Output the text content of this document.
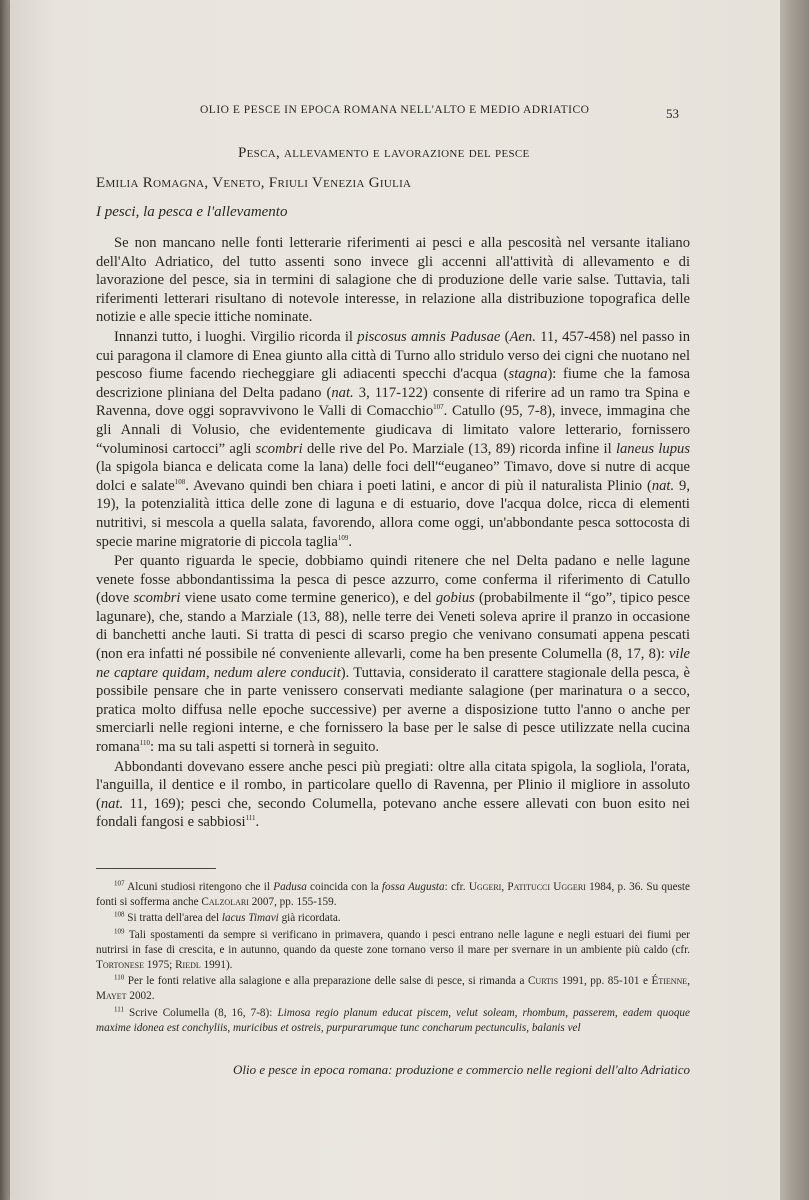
OLIO E PESCE IN EPOCA ROMANA NELL'ALTO E MEDIO ADRIATICO	53
Pesca, allevamento e lavorazione del pesce
Emilia Romagna, Veneto, Friuli Venezia Giulia
I pesci, la pesca e l'allevamento

Se non mancano nelle fonti letterarie riferimenti ai pesci e alla pescosità nel versante italiano dell'Alto Adriatico, del tutto assenti sono invece gli accenni all'attività di allevamento e di lavorazione del pesce, sia in termini di salagione che di produzione delle varie salse. Tuttavia, tali riferimenti letterari risultano di notevole interesse, in relazione alla distribuzione topografica delle notizie e alle specie ittiche nominate.

Innanzi tutto, i luoghi. Virgilio ricorda il piscosus amnis Padusae (Aen. 11, 457-458) nel passo in cui paragona il clamore di Enea giunto alla città di Turno allo stridulo verso dei cigni che nuotano nel pescoso fiume facendo riecheggiare gli adiacenti specchi d'acqua (stagna): fiume che la famosa descrizione pliniana del Delta padano (nat. 3, 117-122) consente di riferire ad un ramo tra Spina e Ravenna, dove oggi sopravvivono le Valli di Comacchio$^{107}$. Catullo (95, 7-8), invece, immagina che gli Annali di Volusio, che evidentemente giudicava di limitato valore letterario, fornissero “voluminosi cartocci” agli scombri delle rive del Po. Marziale (13, 89) ricorda infine il laneus lupus (la spigola bianca e delicata come la lana) delle foci dell'“euganeo” Timavo, dove si nutre di acque dolci e salate$^{108}$. Avevano quindi ben chiara i poeti latini, e ancor di più il naturalista Plinio (nat. 9, 19), la potenzialità ittica delle zone di laguna e di estuario, dove l'acqua dolce, ricca di elementi nutritivi, si mescola a quella salata, favorendo, allora come oggi, un'abbondante pesca sottocosta di specie marine migratorie di piccola taglia$^{109}$.

Per quanto riguarda le specie, dobbiamo quindi ritenere che nel Delta padano e nelle lagune venete fosse abbondantissima la pesca di pesce azzurro, come conferma il riferimento di Catullo (dove scombri viene usato come termine generico), e del gobius (probabilmente il “go”, tipico pesce lagunare), che, stando a Marziale (13, 88), nelle terre dei Veneti soleva aprire il pranzo in occasione di banchetti anche lauti. Si tratta di pesci di scarso pregio che venivano consumati appena pescati (non era infatti né possibile né conveniente allevarli, come ha ben presente Columella (8, 17, 8): vile ne captare quidam, nedum alere conducit). Tuttavia, considerato il carattere stagionale della pesca, è possibile pensare che in parte venissero conservati mediante salagione (per marinatura o a secco, pratica molto diffusa nelle epoche successive) per averne a disposizione tutto l'anno o anche per smerciarli nelle regioni interne, e che fornissero la base per le salse di pesce utilizzate nella cucina romana$^{110}$: ma su tali aspetti si tornerà in seguito.

Abbondanti dovevano essere anche pesci più pregiati: oltre alla citata spigola, la sogliola, l'orata, l'anguilla, il dentice e il rombo, in particolare quello di Ravenna, per Plinio il migliore in assoluto (nat. 11, 169); pesci che, secondo Columella, potevano anche essere allevati con buon esito nei fondali fangosi e sabbiosi$^{111}$.

$^{107}$ Alcuni studiosi ritengono che il Padusa coincida con la fossa Augusta: cfr. Uggeri, Patitucci Uggeri 1984, p. 36. Su queste fonti si sofferma anche Calzolari 2007, pp. 155-159.

$^{108}$ Si tratta dell'area del lacus Timavi già ricordata.

$^{109}$ Tali spostamenti da sempre si verificano in primavera, quando i pesci entrano nelle lagune e negli estuari dei fiumi per nutrirsi in fase di crescita, e in autunno, quando da queste zone tornano verso il mare per svernare in un ambiente più caldo (cfr. Tortonese 1975; Riedl 1991).

$^{110}$ Per le fonti relative alla salagione e alla preparazione delle salse di pesce, si rimanda a Curtis 1991, pp. 85-101 e Étienne, Mayet 2002.

$^{111}$ Scrive Columella (8, 16, 7-8): Limosa regio planum educat piscem, velut soleam, rhombum, passerem, eadem quoque maxime idonea est conchyliis, muricibus et ostreis, purpurarumque tunc concharum pectunculis, balanis vel

Olio e pesce in epoca romana: produzione e commercio nelle regioni dell'alto Adriatico
